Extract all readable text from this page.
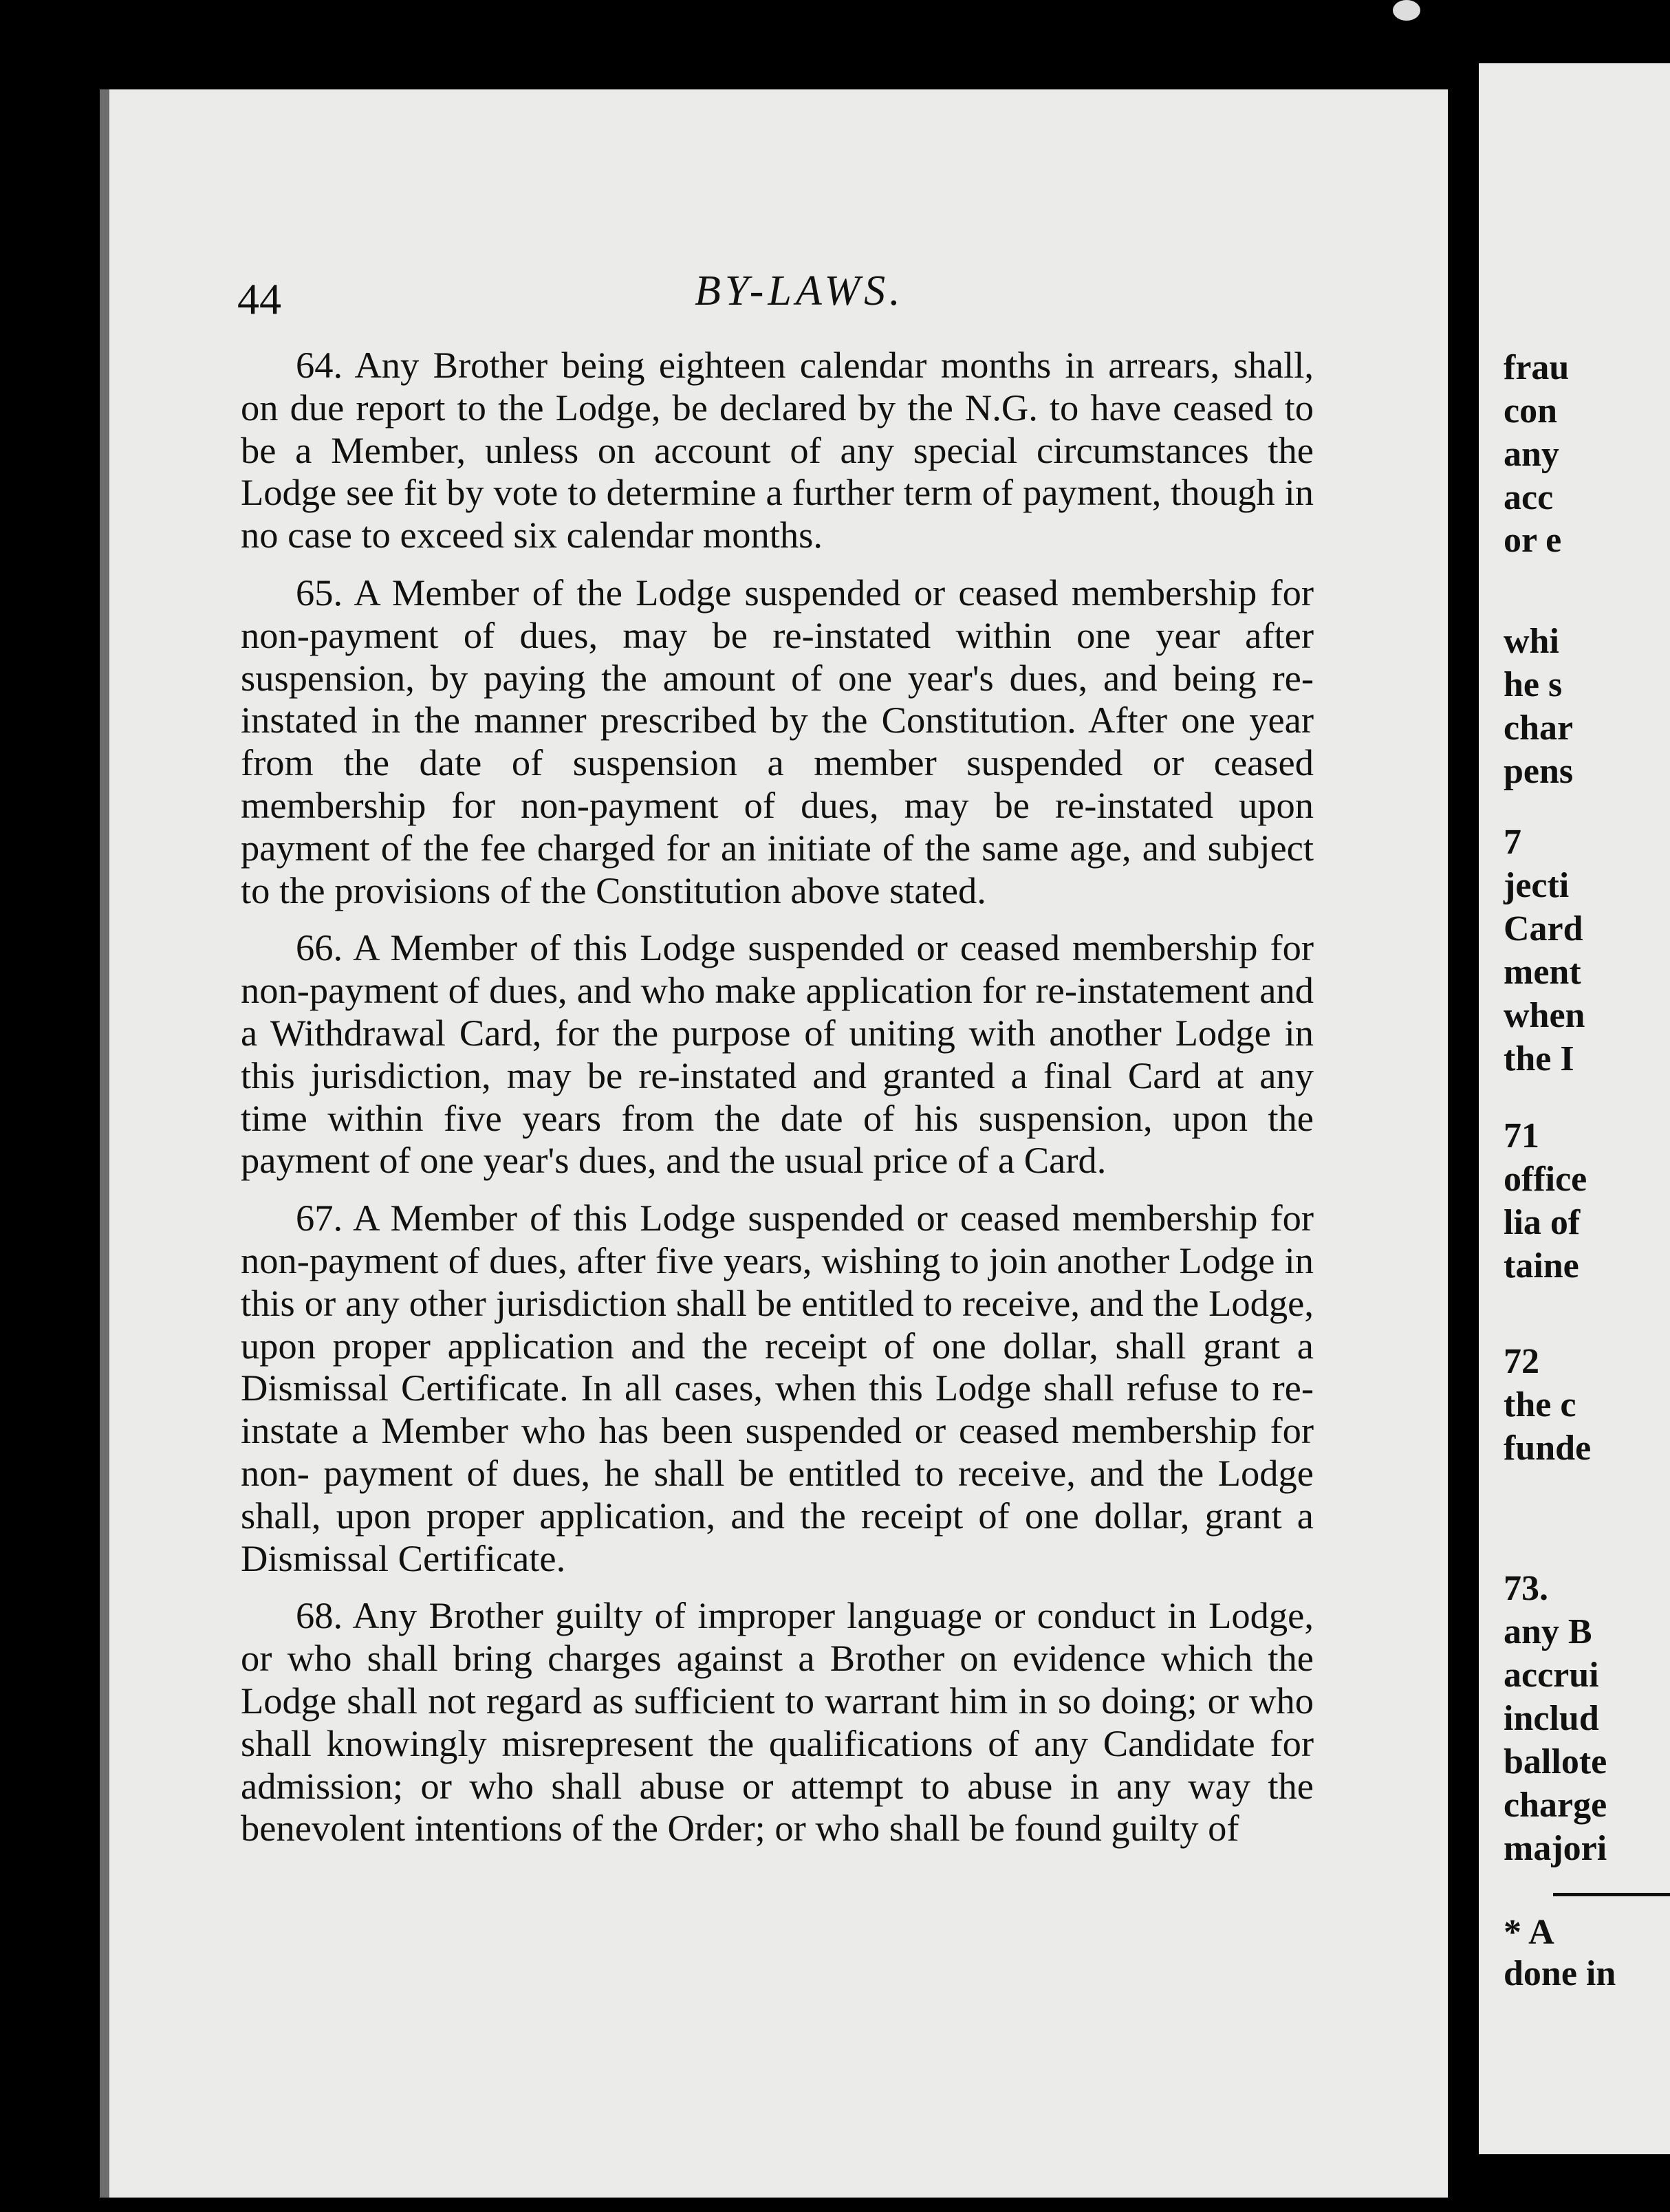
44	BY-LAWS.

64. Any Brother being eighteen calendar months in arrears, shall, on due report to the Lodge, be declared by the N.G. to have ceased to be a Member, unless on account of any special circumstances the Lodge see fit by vote to determine a further term of payment, though in no case to exceed six calendar months.

65. A Member of the Lodge suspended or ceased membership for non-payment of dues, may be re-instated within one year after suspension, by paying the amount of one year's dues, and being re-instated in the manner prescribed by the Constitution. After one year from the date of suspension a member suspended or ceased membership for non-payment of dues, may be re-instated upon payment of the fee charged for an initiate of the same age, and subject to the provisions of the Constitution above stated.

66. A Member of this Lodge suspended or ceased membership for non-payment of dues, and who make application for re-instatement and a Withdrawal Card, for the purpose of uniting with another Lodge in this jurisdiction, may be re-instated and granted a final Card at any time within five years from the date of his suspension, upon the payment of one year's dues, and the usual price of a Card.

67. A Member of this Lodge suspended or ceased membership for non-payment of dues, after five years, wishing to join another Lodge in this or any other jurisdiction shall be entitled to receive, and the Lodge, upon proper application and the receipt of one dollar, shall grant a Dismissal Certificate. In all cases, when this Lodge shall refuse to re-instate a Member who has been suspended or ceased membership for non- payment of dues, he shall be entitled to receive, and the Lodge shall, upon proper application, and the receipt of one dollar, grant a Dismissal Certificate.

68. Any Brother guilty of improper language or conduct in Lodge, or who shall bring charges against a Brother on evidence which the Lodge shall not regard as sufficient to warrant him in so doing; or who shall knowingly misrepresent the qualifications of any Candidate for admission; or who shall abuse or attempt to abuse in any way the benevolent intentions of the Order; or who shall be found guilty of

frau
con
any
acc
or e
whi
he s
char
pens
7
jecti
Card
ment
when
the I
71
office
lia of
taine
72
the c
funde
73.
any B
accrui
includ
ballote
charge
majori
* A
done in
